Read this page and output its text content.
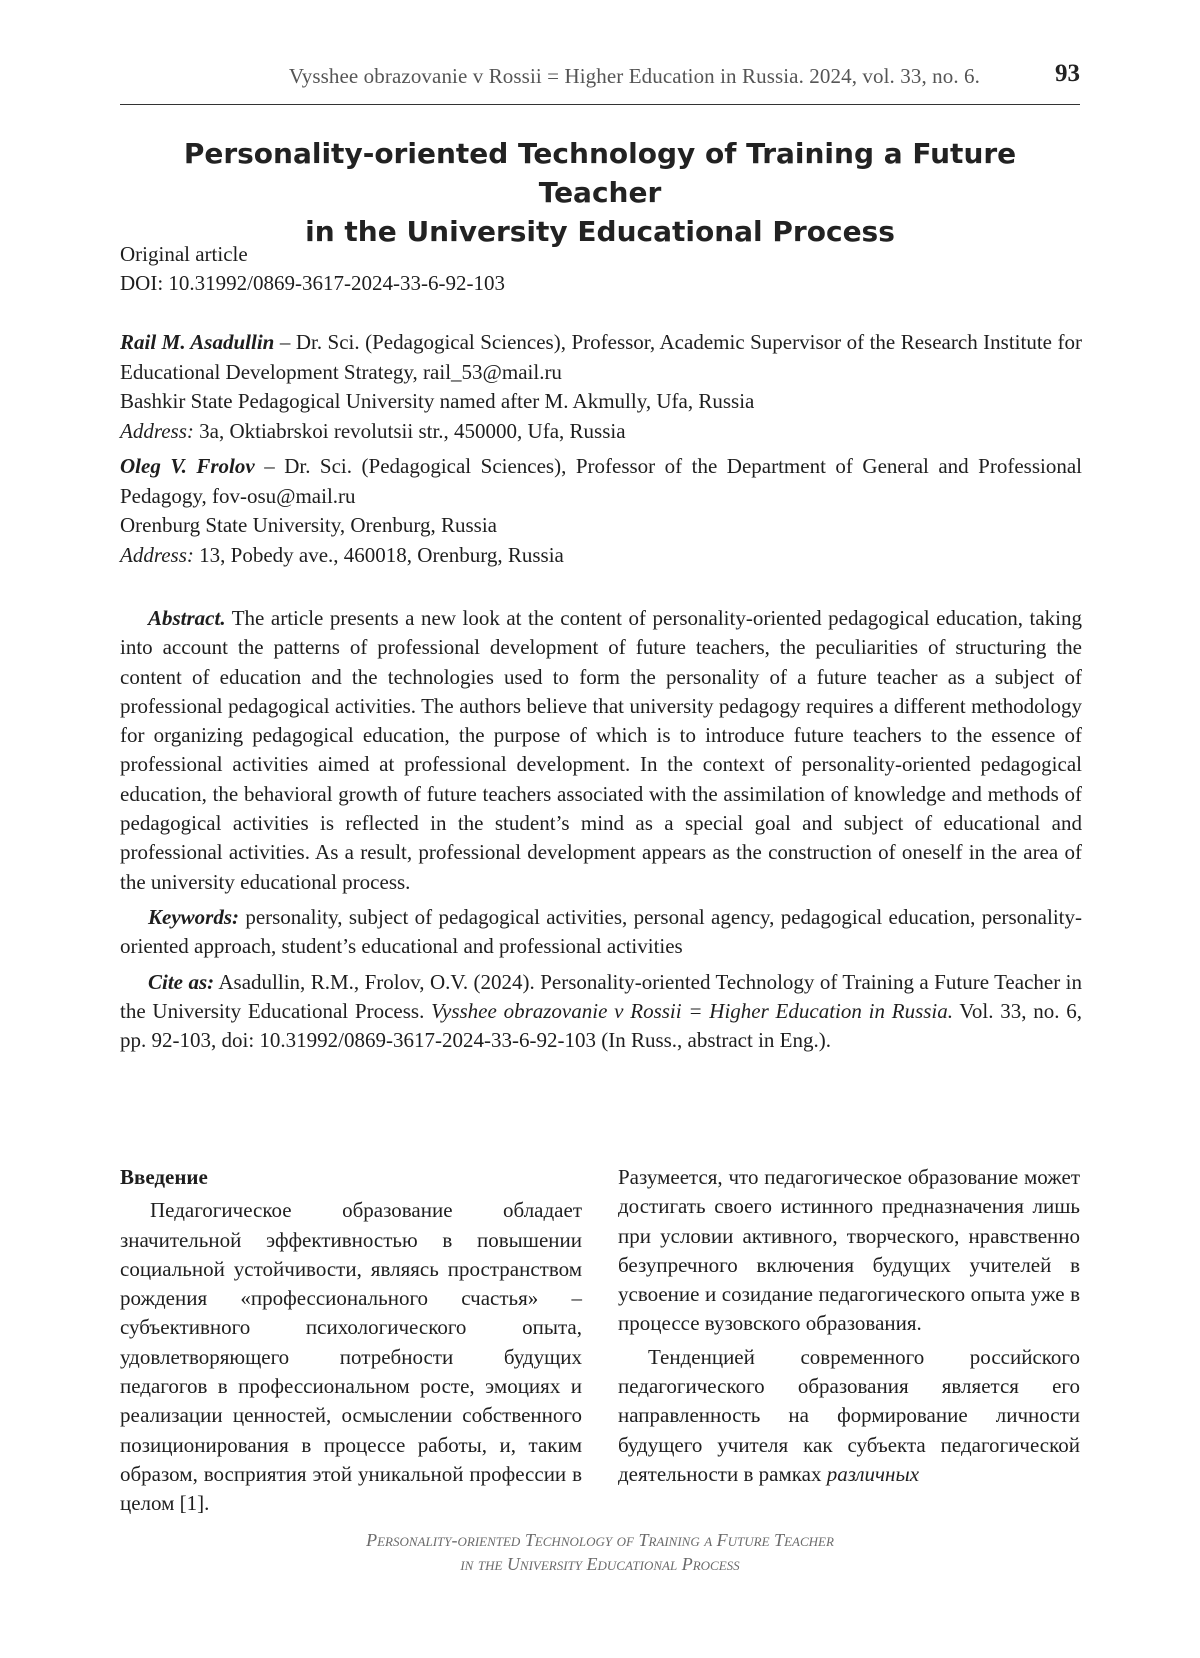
Vysshee obrazovanie v Rossii = Higher Education in Russia. 2024, vol. 33, no. 6.	93
Personality-oriented Technology of Training a Future Teacher
in the University Educational Process
Original article
DOI: 10.31992/0869-3617-2024-33-6-92-103
Rail M. Asadullin – Dr. Sci. (Pedagogical Sciences), Professor, Academic Supervisor of the Research Institute for Educational Development Strategy, rail_53@mail.ru
Bashkir State Pedagogical University named after M. Akmully, Ufa, Russia
Address: 3a, Oktiabrskoi revolutsii str., 450000, Ufa, Russia
Oleg V. Frolov – Dr. Sci. (Pedagogical Sciences), Professor of the Department of General and Professional Pedagogy, fov-osu@mail.ru
Orenburg State University, Orenburg, Russia
Address: 13, Pobedy ave., 460018, Orenburg, Russia

Abstract. The article presents a new look at the content of personality-oriented pedagogical education, taking into account the patterns of professional development of future teachers, the peculiarities of structuring the content of education and the technologies used to form the personality of a future teacher as a subject of professional pedagogical activities. The authors believe that university pedagogy requires a different methodology for organizing pedagogical education, the purpose of which is to introduce future teachers to the essence of professional activities aimed at professional development. In the context of personality-oriented pedagogical education, the behavioral growth of future teachers associated with the assimilation of knowledge and methods of pedagogical activities is reflected in the student’s mind as a special goal and subject of educational and professional activities. As a result, professional development appears as the construction of oneself in the area of the university educational process.

Keywords: personality, subject of pedagogical activities, personal agency, pedagogical education, personality-oriented approach, student’s educational and professional activities

Cite as: Asadullin, R.M., Frolov, O.V. (2024). Personality-oriented Technology of Training a Future Teacher in the University Educational Process. Vysshee obrazovanie v Rossii = Higher Education in Russia. Vol. 33, no. 6, pp. 92-103, doi: 10.31992/0869-3617-2024-33-6-92-103 (In Russ., abstract in Eng.).

Введение

Педагогическое образование обладает значительной эффективностью в повышении социальной устойчивости, являясь пространством рождения «профессионального счастья» – субъективного психологического опыта, удовлетворяющего потребности будущих педагогов в профессиональном росте, эмоциях и реализации ценностей, осмыслении собственного позиционирования в процессе работы, и, таким образом, восприятия этой уникальной профессии в целом [1].

Разумеется, что педагогическое образование может достигать своего истинного предназначения лишь при условии активного, творческого, нравственно безупречного включения будущих учителей в усвоение и созидание педагогического опыта уже в процессе вузовского образования.

Тенденцией современного российского педагогического образования является его направленность на формирование личности будущего учителя как субъекта педагогической деятельности в рамках различных

Personality-oriented Technology of Training a Future Teacher
in the University Educational Process
